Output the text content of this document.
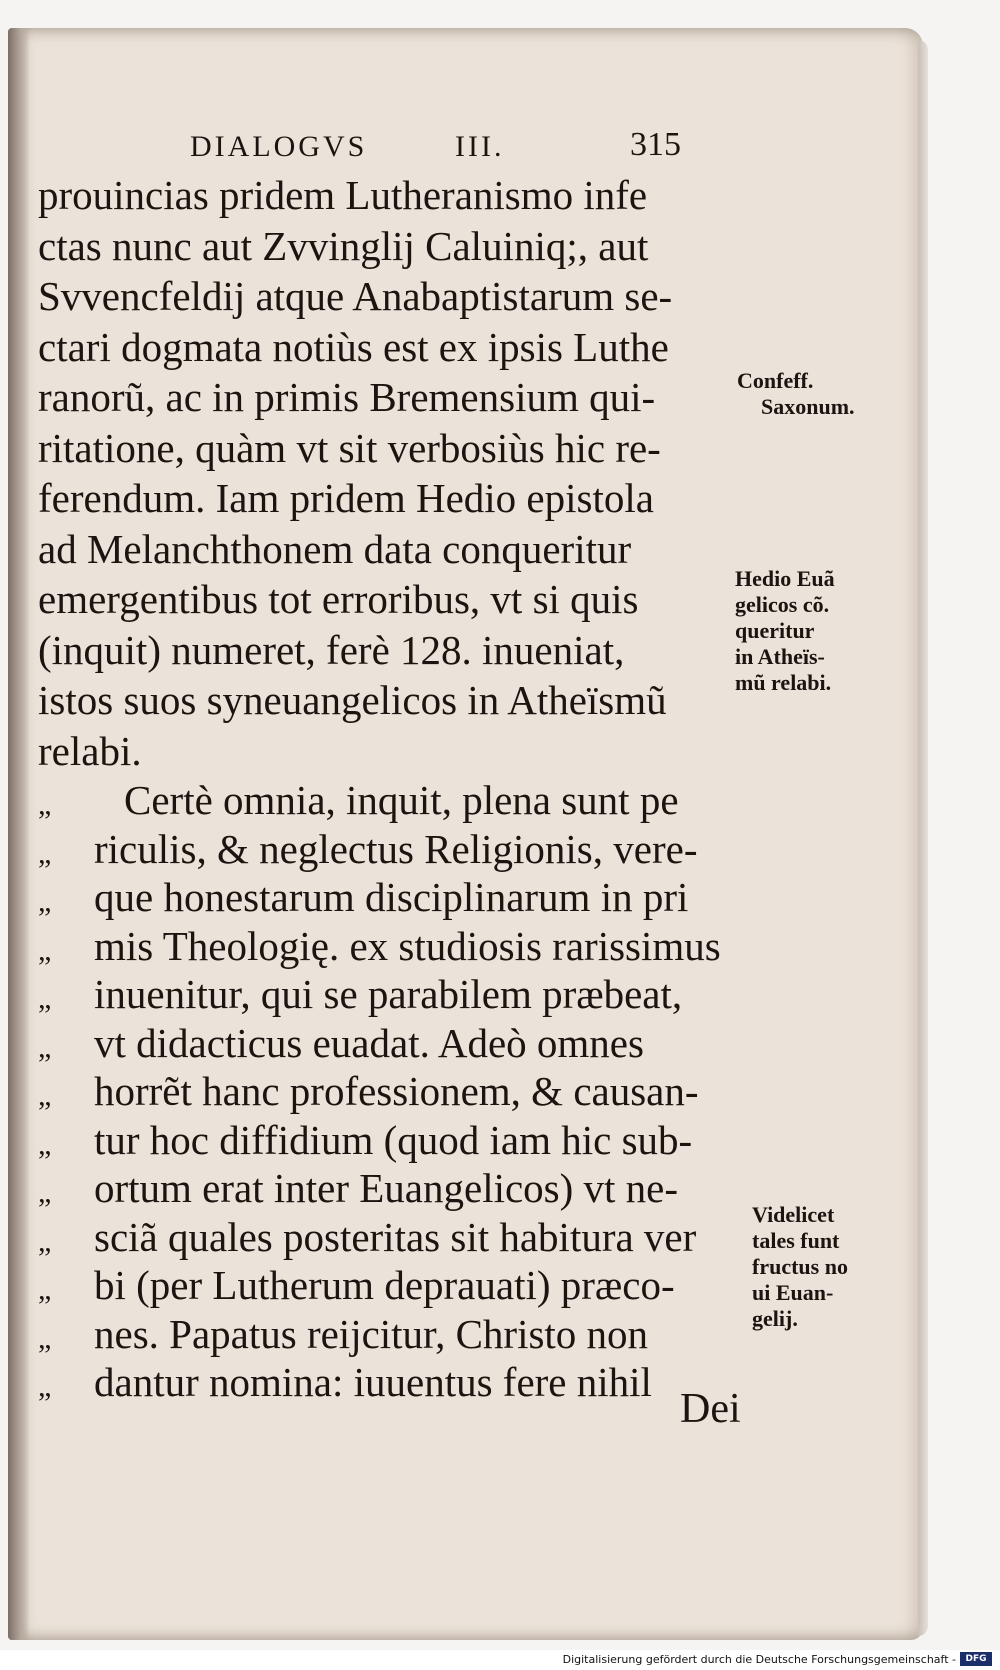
DIALOGVS	III.	315
prouincias pridem Lutheranismo infe
ctas nunc aut Zvvinglij Caluiniq;, aut
Svvencfeldij atque Anabaptistarum se-
ctari dogmata notiùs est ex ipsis Luthe
ranorũ, ac in primis Bremensium qui-
ritatione, quàm vt sit verbosiùs hic re-
ferendum. Iam pridem Hedio epistola
ad Melanchthonem data conqueritur
emergentibus tot erroribus, vt si quis
(inquit) numeret, ferè 128. inueniat,
istos suos syneuangelicos in Atheïsmũ
relabi.
„ Certè omnia, inquit, plena sunt pe
„ riculis, & neglectus Religionis, vere-
„ que honestarum disciplinarum in pri
„ mis Theologię. ex studiosis rarissimus
„ inuenitur, qui se parabilem præbeat,
„ vt didacticus euadat. Adeò omnes
„ horrẽt hanc professionem, & causan-
„ tur hoc diffidium (quod iam hic sub-
„ ortum erat inter Euangelicos) vt ne-
„ sciã quales posteritas sit habitura ver
„ bi (per Lutherum deprauati) præco-
„ nes. Papatus reijcitur, Christo non
„ dantur nomina: iuuentus fere nihil
Dei
Confeff.
Saxonum.
Hedio Euã
gelicos cõ.
queritur
in Atheïs-
mũ relabi.
Videlicet
tales funt
fructus no
ui Euan-
gelij.
Digitalisierung gefördert durch die Deutsche Forschungsgemeinschaft -	DFG
